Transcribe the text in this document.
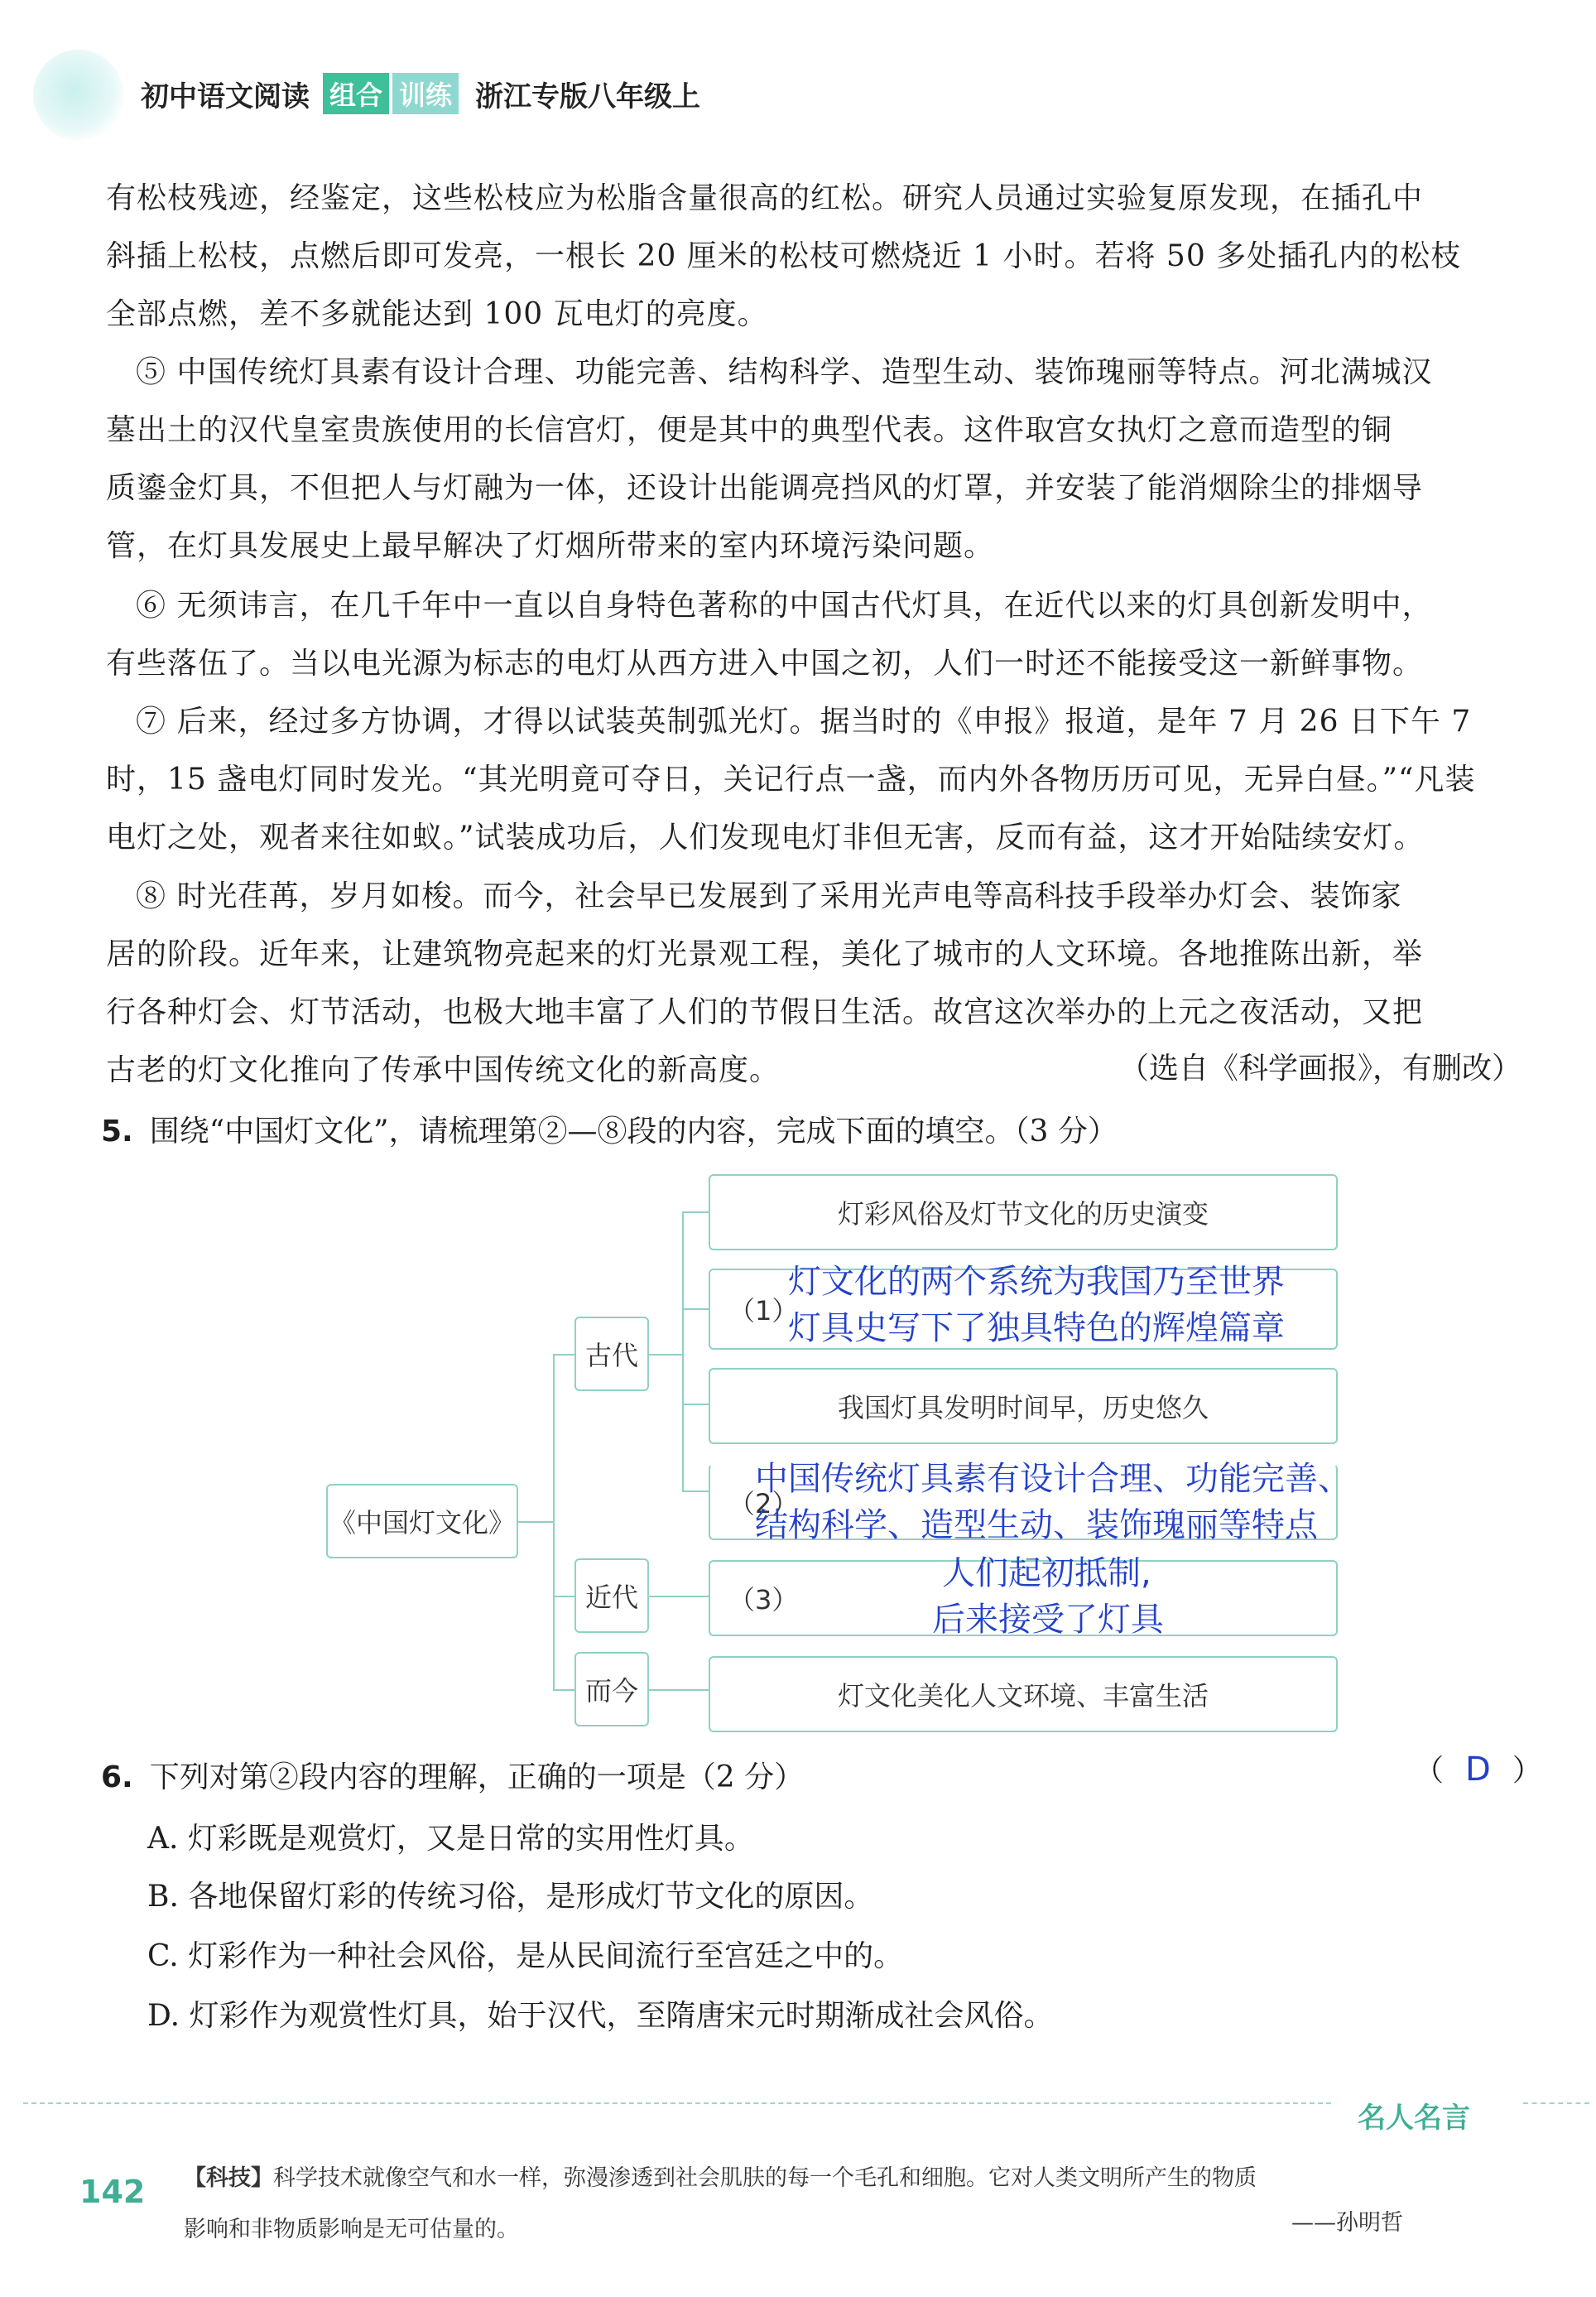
初中语文阅读 组合 训练 浙江专版八年级上
有松枝残迹，经鉴定，这些松枝应为松脂含量很高的红松。研究人员通过实验复原发现，在插孔中
斜插上松枝，点燃后即可发亮，一根长 20 厘米的松枝可燃烧近 1 小时。若将 50 多处插孔内的松枝
全部点燃，差不多就能达到 100 瓦电灯的亮度。
⑤ 中国传统灯具素有设计合理、功能完善、结构科学、造型生动、装饰瑰丽等特点。河北满城汉
墓出土的汉代皇室贵族使用的长信宫灯，便是其中的典型代表。这件取宫女执灯之意而造型的铜
质鎏金灯具，不但把人与灯融为一体，还设计出能调亮挡风的灯罩，并安装了能消烟除尘的排烟导
管，在灯具发展史上最早解决了灯烟所带来的室内环境污染问题。
⑥ 无须讳言，在几千年中一直以自身特色著称的中国古代灯具，在近代以来的灯具创新发明中，
有些落伍了。当以电光源为标志的电灯从西方进入中国之初，人们一时还不能接受这一新鲜事物。
⑦ 后来，经过多方协调，才得以试装英制弧光灯。据当时的《申报》报道，是年 7 月 26 日下午 7
时，15 盏电灯同时发光。“其光明竟可夺日，关记行点一盏，而内外各物历历可见，无异白昼。”“凡装
电灯之处，观者来往如蚁。”试装成功后，人们发现电灯非但无害，反而有益，这才开始陆续安灯。
⑧ 时光荏苒，岁月如梭。而今，社会早已发展到了采用光声电等高科技手段举办灯会、装饰家
居的阶段。近年来，让建筑物亮起来的灯光景观工程，美化了城市的人文环境。各地推陈出新，举
行各种灯会、灯节活动，也极大地丰富了人们的节假日生活。故宫这次举办的上元之夜活动，又把
古老的灯文化推向了传承中国传统文化的新高度。	（选自《科学画报》，有删改）
5. 围绕“中国灯文化”，请梳理第②—⑧段的内容，完成下面的填空。（3 分）
《中国灯文化》
古代
近代
而今
灯彩风俗及灯节文化的历史演变
（1）
我国灯具发明时间早，历史悠久
（2）
（3）
灯文化美化人文环境、丰富生活
灯文化的两个系统为我国乃至世界
灯具史写下了独具特色的辉煌篇章
中国传统灯具素有设计合理、功能完善、
结构科学、造型生动、装饰瑰丽等特点
人们起初抵制,
后来接受了灯具
6. 下列对第②段内容的理解，正确的一项是（2 分）	（ D ）
A. 灯彩既是观赏灯，又是日常的实用性灯具。
B. 各地保留灯彩的传统习俗，是形成灯节文化的原因。
C. 灯彩作为一种社会风俗，是从民间流行至宫廷之中的。
D. 灯彩作为观赏性灯具，始于汉代，至隋唐宋元时期渐成社会风俗。
名人名言
142 【科技】科学技术就像空气和水一样，弥漫渗透到社会肌肤的每一个毛孔和细胞。它对人类文明所产生的物质
影响和非物质影响是无可估量的。	——孙明哲
